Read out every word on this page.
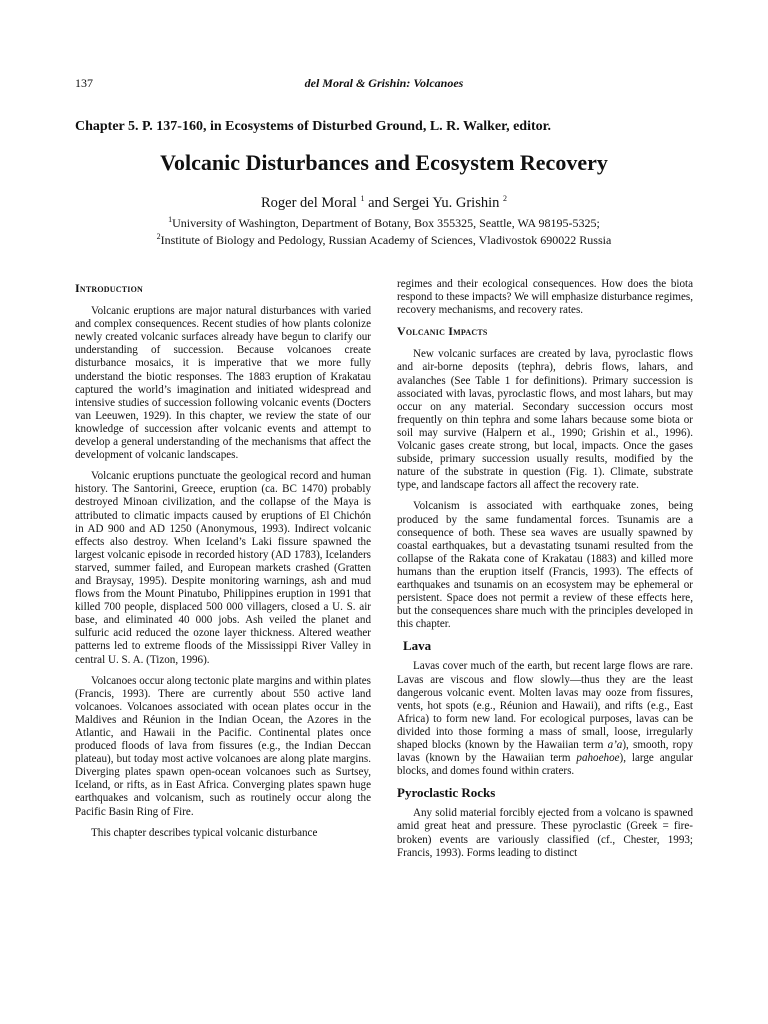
137	del Moral & Grishin: Volcanoes
Chapter 5. P. 137-160, in Ecosystems of Disturbed Ground, L. R. Walker, editor.
Volcanic Disturbances and Ecosystem Recovery
Roger del Moral $^1$ and Sergei Yu. Grishin $^2$
$^1$University of Washington, Department of Botany, Box 355325, Seattle, WA 98195-5325;
$^2$Institute of Biology and Pedology, Russian Academy of Sciences, Vladivostok 690022 Russia
Introduction

Volcanic eruptions are major natural disturbances with varied and complex consequences. Recent studies of how plants colonize newly created volcanic surfaces already have begun to clarify our understanding of succession. Because volcanoes create disturbance mosaics, it is imperative that we more fully understand the biotic responses. The 1883 eruption of Krakatau captured the world’s imagination and initiated widespread and intensive studies of succession following volcanic events (Docters van Leeuwen, 1929). In this chapter, we review the state of our knowledge of succession after volcanic events and attempt to develop a general understanding of the mechanisms that affect the development of volcanic landscapes.

Volcanic eruptions punctuate the geological record and human history. The Santorini, Greece, eruption (ca. BC 1470) probably destroyed Minoan civilization, and the collapse of the Maya is attributed to climatic impacts caused by eruptions of El Chichón in AD 900 and AD 1250 (Anonymous, 1993). Indirect volcanic effects also destroy. When Iceland’s Laki fissure spawned the largest volcanic episode in recorded history (AD 1783), Icelanders starved, summer failed, and European markets crashed (Gratten and Braysay, 1995). Despite monitoring warnings, ash and mud flows from the Mount Pinatubo, Philippines eruption in 1991 that killed 700 people, displaced 500 000 villagers, closed a U. S. air base, and eliminated 40 000 jobs. Ash veiled the planet and sulfuric acid reduced the ozone layer thickness. Altered weather patterns led to extreme floods of the Mississippi River Valley in central U. S. A. (Tizon, 1996).

Volcanoes occur along tectonic plate margins and within plates (Francis, 1993). There are currently about 550 active land volcanoes. Volcanoes associated with ocean plates occur in the Maldives and Réunion in the Indian Ocean, the Azores in the Atlantic, and Hawaii in the Pacific. Continental plates once produced floods of lava from fissures (e.g., the Indian Deccan plateau), but today most active volcanoes are along plate margins. Diverging plates spawn open-ocean volcanoes such as Surtsey, Iceland, or rifts, as in East Africa. Converging plates spawn huge earthquakes and volcanism, such as routinely occur along the Pacific Basin Ring of Fire.

This chapter describes typical volcanic disturbance

regimes and their ecological consequences. How does the biota respond to these impacts? We will emphasize disturbance regimes, recovery mechanisms, and recovery rates.

Volcanic Impacts

New volcanic surfaces are created by lava, pyroclastic flows and air-borne deposits (tephra), debris flows, lahars, and avalanches (See Table 1 for definitions). Primary succession is associated with lavas, pyroclastic flows, and most lahars, but may occur on any material. Secondary succession occurs most frequently on thin tephra and some lahars because some biota or soil may survive (Halpern et al., 1990; Grishin et al., 1996). Volcanic gases create strong, but local, impacts. Once the gases subside, primary succession usually results, modified by the nature of the substrate in question (Fig. 1). Climate, substrate type, and landscape factors all affect the recovery rate.

Volcanism is associated with earthquake zones, being produced by the same fundamental forces. Tsunamis are a consequence of both. These sea waves are usually spawned by coastal earthquakes, but a devastating tsunami resulted from the collapse of the Rakata cone of Krakatau (1883) and killed more humans than the eruption itself (Francis, 1993). The effects of earthquakes and tsunamis on an ecosystem may be ephemeral or persistent. Space does not permit a review of these effects here, but the consequences share much with the principles developed in this chapter.

Lava

Lavas cover much of the earth, but recent large flows are rare. Lavas are viscous and flow slowly—thus they are the least dangerous volcanic event. Molten lavas may ooze from fissures, vents, hot spots (e.g., Réunion and Hawaii), and rifts (e.g., East Africa) to form new land. For ecological purposes, lavas can be divided into those forming a mass of small, loose, irregularly shaped blocks (known by the Hawaiian term a’a), smooth, ropy lavas (known by the Hawaiian term pahoehoe), large angular blocks, and domes found within craters.

Pyroclastic Rocks

Any solid material forcibly ejected from a volcano is spawned amid great heat and pressure. These pyroclastic (Greek = fire-broken) events are variously classified (cf., Chester, 1993; Francis, 1993). Forms leading to distinct
